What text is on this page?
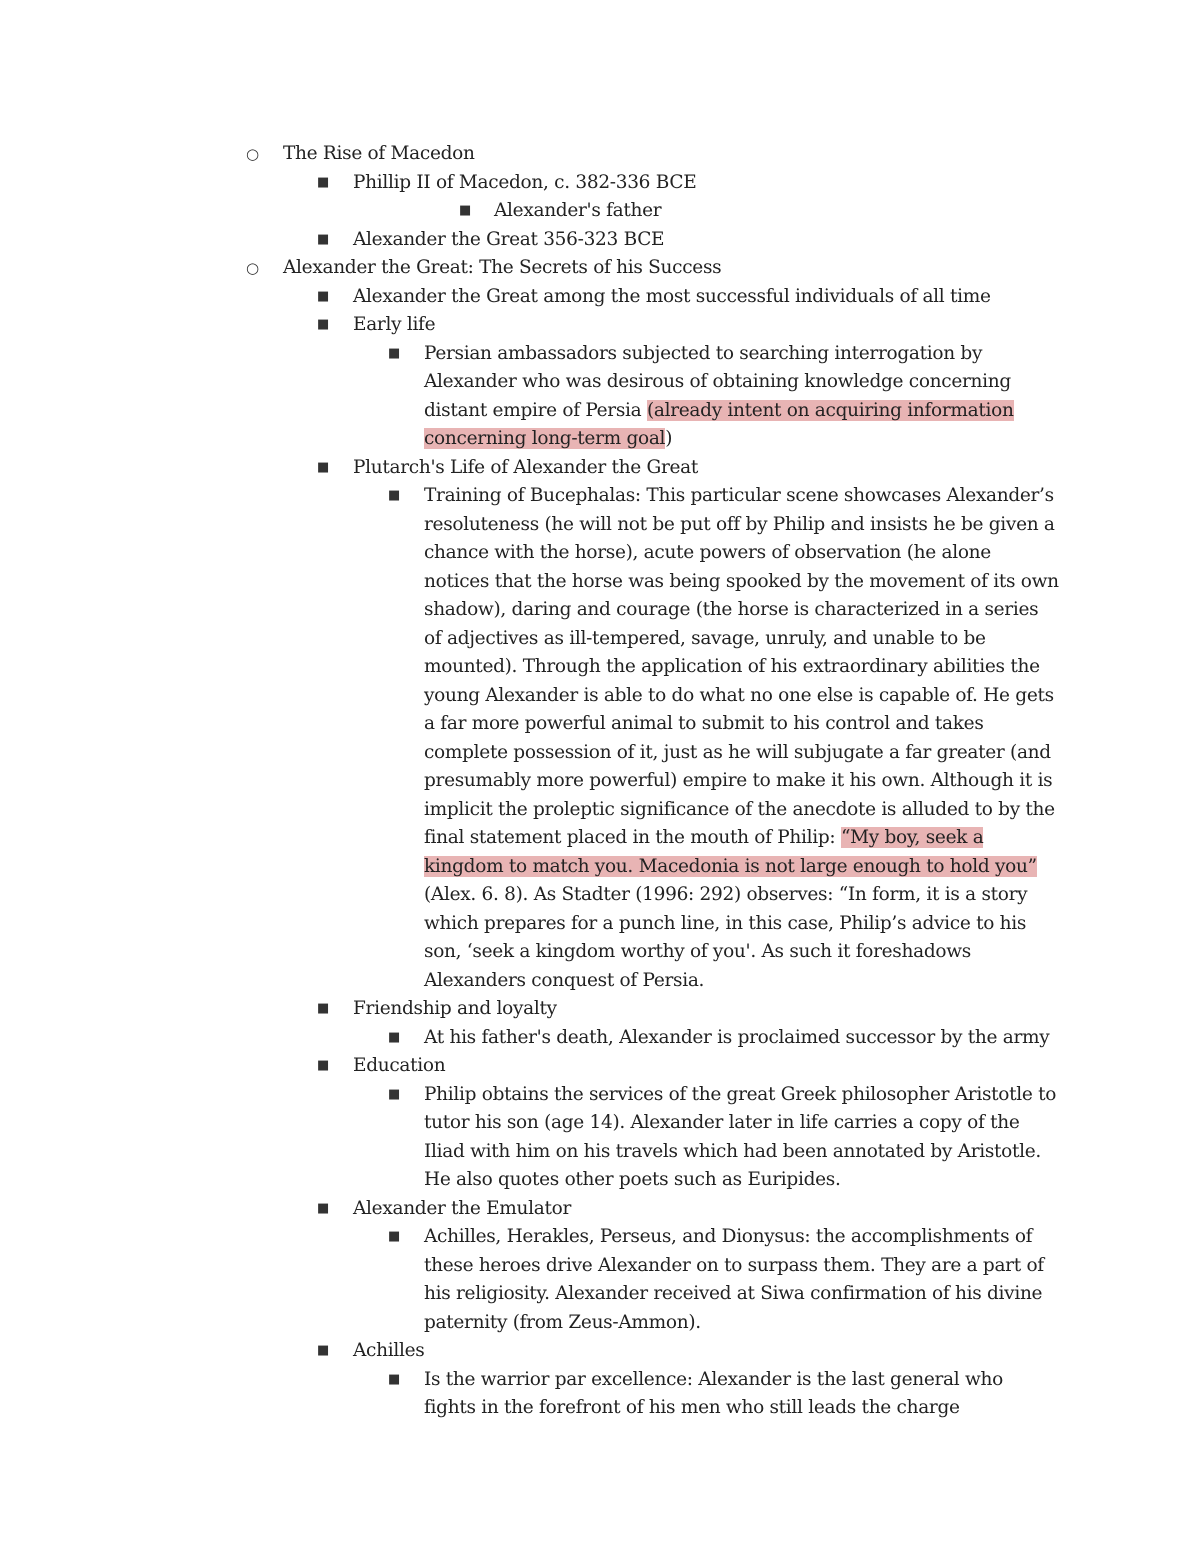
○ The Rise of Macedon
■ Phillip II of Macedon, c. 382-336 BCE
■ Alexander's father
■ Alexander the Great 356-323 BCE
○ Alexander the Great: The Secrets of his Success
■ Alexander the Great among the most successful individuals of all time
■ Early life
■ Persian ambassadors subjected to searching interrogation by Alexander who was desirous of obtaining knowledge concerning distant empire of Persia (already intent on acquiring information concerning long-term goal)
■ Plutarch's Life of Alexander the Great
■ Training of Bucephalas: This particular scene showcases Alexander’s resoluteness (he will not be put off by Philip and insists he be given a chance with the horse), acute powers of observation (he alone notices that the horse was being spooked by the movement of its own shadow), daring and courage (the horse is characterized in a series of adjectives as ill-tempered, savage, unruly, and unable to be mounted). Through the application of his extraordinary abilities the young Alexander is able to do what no one else is capable of. He gets a far more powerful animal to submit to his control and takes complete possession of it, just as he will subjugate a far greater (and presumably more powerful) empire to make it his own. Although it is implicit the proleptic significance of the anecdote is alluded to by the final statement placed in the mouth of Philip: “My boy, seek a kingdom to match you. Macedonia is not large enough to hold you” (Alex. 6. 8). As Stadter (1996: 292) observes: “In form, it is a story which prepares for a punch line, in this case, Philip’s advice to his son, ‘seek a kingdom worthy of you'. As such it foreshadows Alexanders conquest of Persia.
■ Friendship and loyalty
■ At his father's death, Alexander is proclaimed successor by the army
■ Education
■ Philip obtains the services of the great Greek philosopher Aristotle to tutor his son (age 14). Alexander later in life carries a copy of the Iliad with him on his travels which had been annotated by Aristotle. He also quotes other poets such as Euripides.
■ Alexander the Emulator
■ Achilles, Herakles, Perseus, and Dionysus: the accomplishments of these heroes drive Alexander on to surpass them. They are a part of his religiosity. Alexander received at Siwa confirmation of his divine paternity (from Zeus-Ammon).
■ Achilles
■ Is the warrior par excellence: Alexander is the last general who fights in the forefront of his men who still leads the charge
